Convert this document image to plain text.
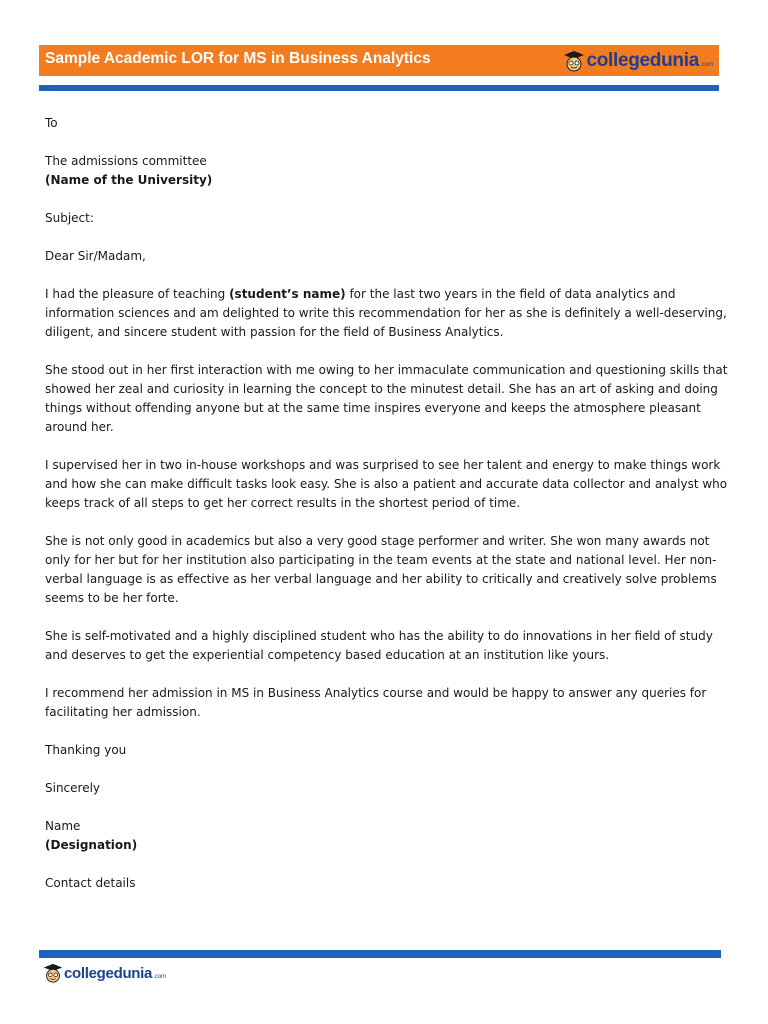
Sample Academic LOR for MS in Business Analytics	collegedunia .com

To

The admissions committee
(Name of the University)

Subject:

Dear Sir/Madam,

I had the pleasure of teaching (student’s name) for the last two years in the field of data analytics and information sciences and am delighted to write this recommendation for her as she is definitely a well-deserving, diligent, and sincere student with passion for the field of Business Analytics.

She stood out in her first interaction with me owing to her immaculate communication and questioning skills that showed her zeal and curiosity in learning the concept to the minutest detail. She has an art of asking and doing things without offending anyone but at the same time inspires everyone and keeps the atmosphere pleasant around her.

I supervised her in two in-house workshops and was surprised to see her talent and energy to make things work and how she can make difficult tasks look easy. She is also a patient and accurate data collector and analyst who keeps track of all steps to get her correct results in the shortest period of time.

She is not only good in academics but also a very good stage performer and writer. She won many awards not only for her but for her institution also participating in the team events at the state and national level. Her non-verbal language is as effective as her verbal language and her ability to critically and creatively solve problems seems to be her forte.

She is self-motivated and a highly disciplined student who has the ability to do innovations in her field of study and deserves to get the experiential competency based education at an institution like yours.

I recommend her admission in MS in Business Analytics course and would be happy to answer any queries for facilitating her admission.

Thanking you

Sincerely

Name
(Designation)

Contact details

collegedunia .com
